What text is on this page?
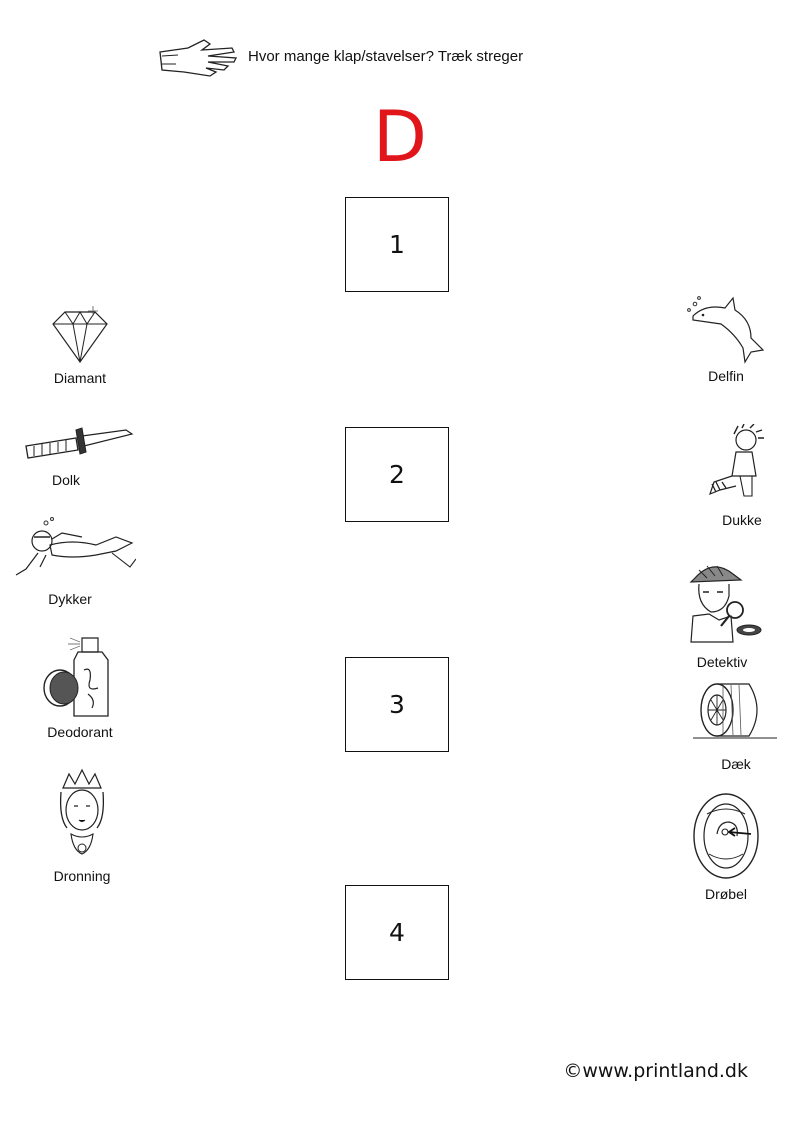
Hvor mange klap/stavelser? Træk streger
D
1
2
3
4
Diamant
Dolk
Dykker
Deodorant
Dronning
Delfin
Dukke
Detektiv
Dæk
Drøbel
©www.printland.dk
